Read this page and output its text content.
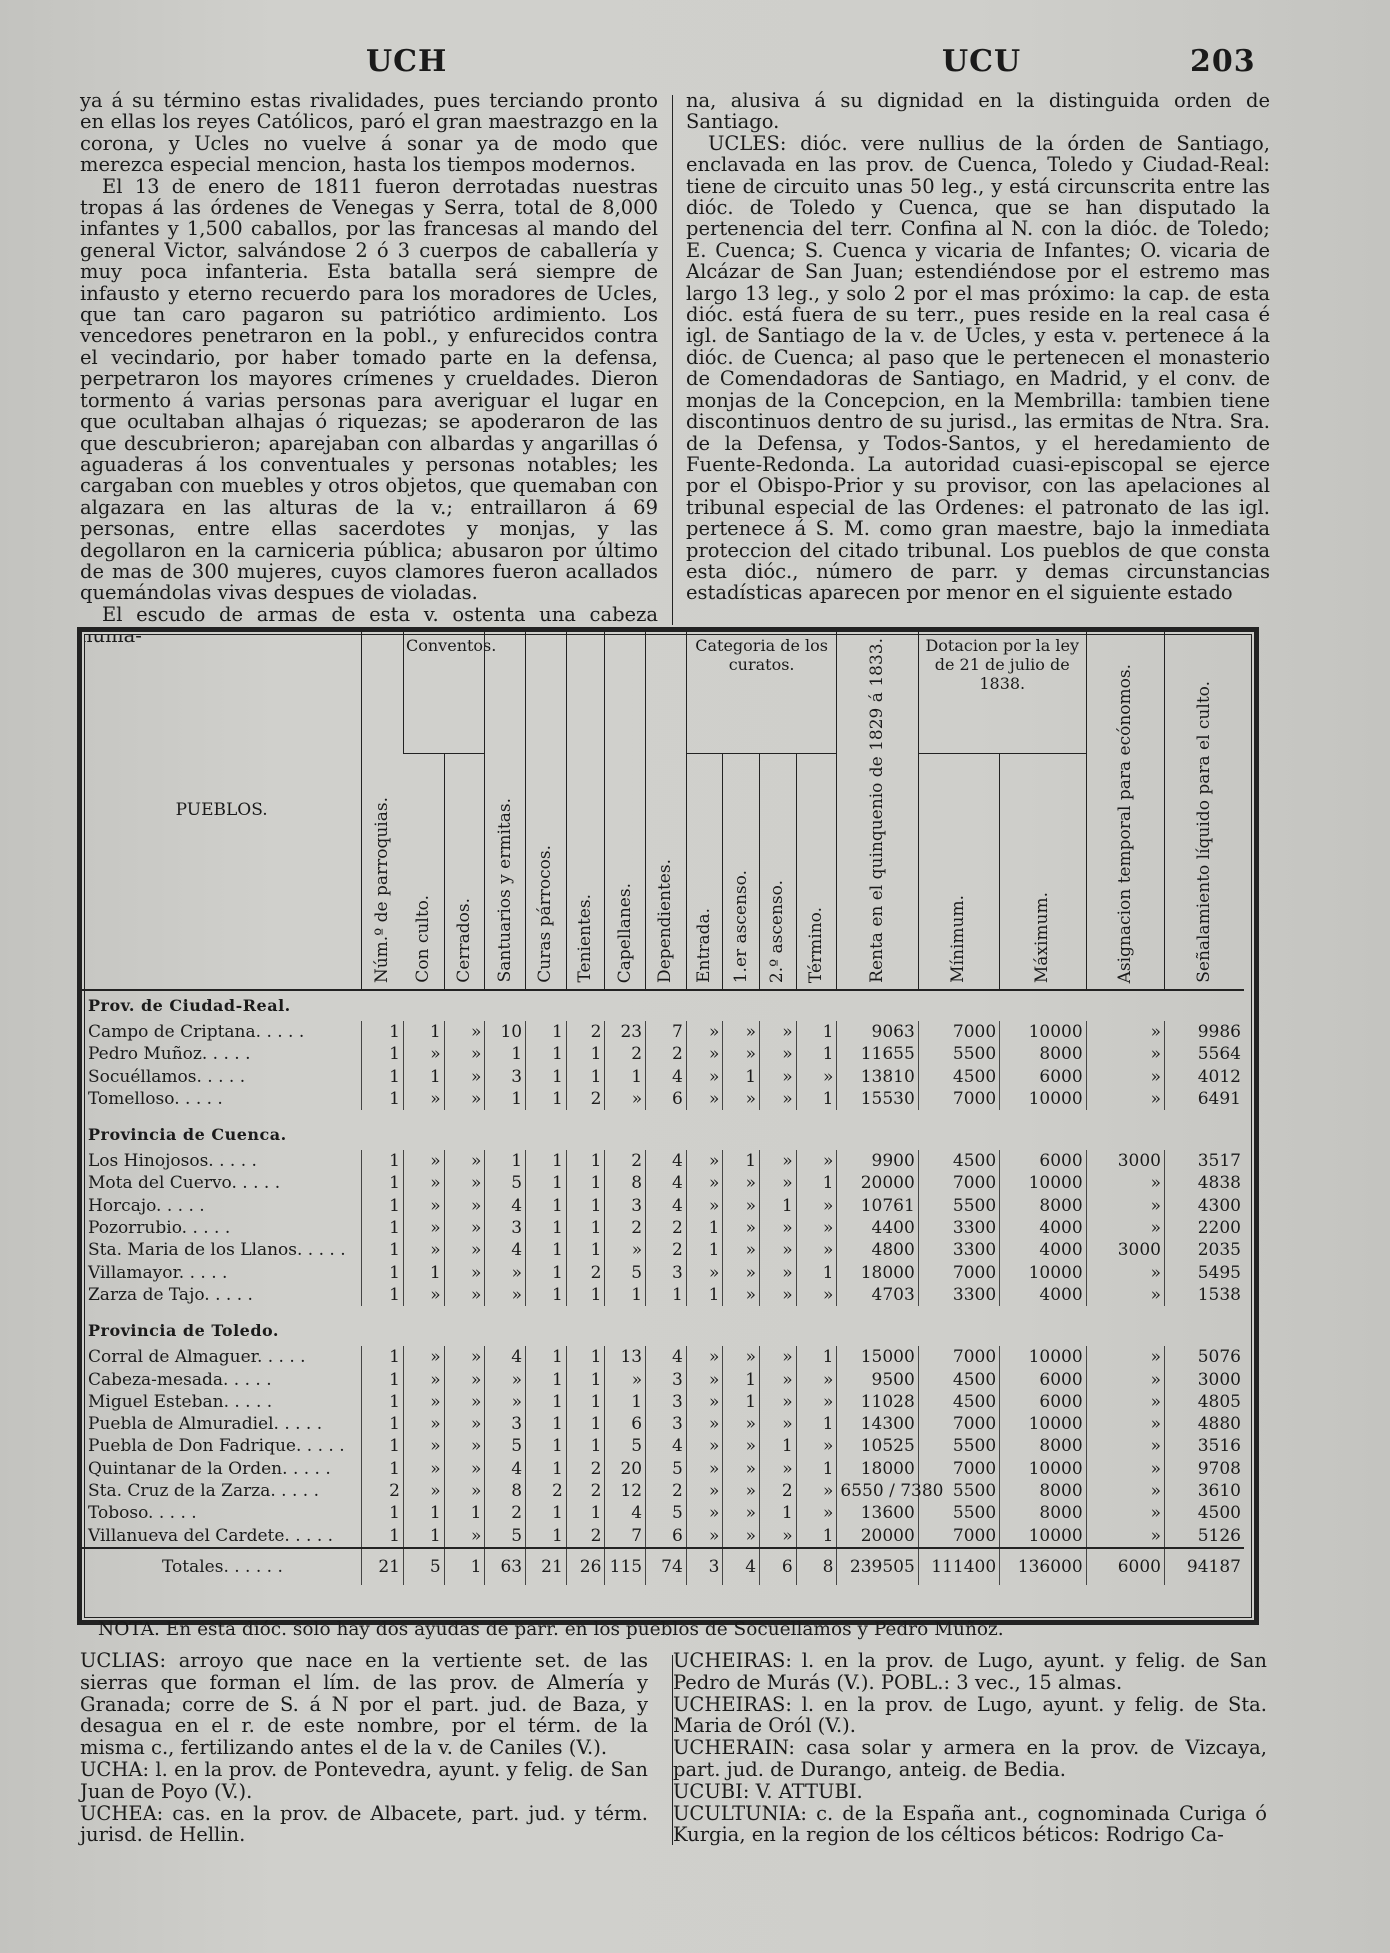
UCH	UCU	203

ya á su término estas rivalidades, pues terciando pronto en ellas los reyes Católicos, paró el gran maestrazgo en la corona, y Ucles no vuelve á sonar ya de modo que merezca especial mencion, hasta los tiempos modernos.

El 13 de enero de 1811 fueron derrotadas nuestras tropas á las órdenes de Venegas y Serra, total de 8,000 infantes y 1,500 caballos, por las francesas al mando del general Victor, salvándose 2 ó 3 cuerpos de caballería y muy poca infanteria. Esta batalla será siempre de infausto y eterno recuerdo para los moradores de Ucles, que tan caro pagaron su patriótico ardimiento. Los vencedores penetraron en la pobl., y enfurecidos contra el vecindario, por haber tomado parte en la defensa, perpetraron los mayores crímenes y crueldades. Dieron tormento á varias personas para averiguar el lugar en que ocultaban alhajas ó riquezas; se apoderaron de las que descubrieron; aparejaban con albardas y angarillas ó aguaderas á los conventuales y personas notables; les cargaban con muebles y otros objetos, que quemaban con algazara en las alturas de la v.; entraillaron á 69 personas, entre ellas sacerdotes y monjas, y las degollaron en la carniceria pública; abusaron por último de mas de 300 mujeres, cuyos clamores fueron acallados quemándolas vivas despues de violadas.

El escudo de armas de esta v. ostenta una cabeza huma-

na, alusiva á su dignidad en la distinguida orden de Santiago.

UCLES: dióc. vere nullius de la órden de Santiago, enclavada en las prov. de Cuenca, Toledo y Ciudad-Real: tiene de circuito unas 50 leg., y está circunscrita entre las dióc. de Toledo y Cuenca, que se han disputado la pertenencia del terr. Confina al N. con la dióc. de Toledo; E. Cuenca; S. Cuenca y vicaria de Infantes; O. vicaria de Alcázar de San Juan; estendiéndose por el estremo mas largo 13 leg., y solo 2 por el mas próximo: la cap. de esta dióc. está fuera de su terr., pues reside en la real casa é igl. de Santiago de la v. de Ucles, y esta v. pertenece á la dióc. de Cuenca; al paso que le pertenecen el monasterio de Comendadoras de Santiago, en Madrid, y el conv. de monjas de la Concepcion, en la Membrilla: tambien tiene discontinuos dentro de su jurisd., las ermitas de Ntra. Sra. de la Defensa, y Todos-Santos, y el heredamiento de Fuente-Redonda. La autoridad cuasi-episcopal se ejerce por el Obispo-Prior y su provisor, con las apelaciones al tribunal especial de las Ordenes: el patronato de las igl. pertenece á S. M. como gran maestre, bajo la inmediata proteccion del citado tribunal. Los pueblos de que consta esta dióc., número de parr. y demas circunstancias estadísticas aparecen por menor en el siguiente estado

PUEBLOS.	Núm.º de parroquias.	Conventos.		Santuarios y ermitas.	Curas párrocos.	Tenientes.	Capellanes.	Dependientes.	Categoria de los curatos.				Renta en el quinquenio de 1829 á 1833.	Dotacion por la ley de 21 de julio de 1838.		Asignacion temporal para ecónomos.	Señalamiento líquido para el culto.

		Con culto.	Cerrados.						Entrada.	1.er ascenso.	2.º ascenso.	Término.		Mínimum.	Máximum.		

Prov. de Ciudad-Real.																	
Campo de Criptana. . . . .	1	1	»	10	1	2	23	7	»	»	»	1	9063	7000	10000	»	9986
Pedro Muñoz. . . . .	1	»	»	1	1	1	2	2	»	»	»	1	11655	5500	8000	»	5564
Socuéllamos. . . . .	1	1	»	3	1	1	1	4	»	1	»	»	13810	4500	6000	»	4012
Tomelloso. . . . .	1	»	»	1	1	2	»	6	»	»	»	1	15530	7000	10000	»	6491

Provincia de Cuenca.																	
Los Hinojosos. . . . .	1	»	»	1	1	1	2	4	»	1	»	»	9900	4500	6000	3000	3517
Mota del Cuervo. . . . .	1	»	»	5	1	1	8	4	»	»	»	1	20000	7000	10000	»	4838
Horcajo. . . . .	1	»	»	4	1	1	3	4	»	»	1	»	10761	5500	8000	»	4300
Pozorrubio. . . . .	1	»	»	3	1	1	2	2	1	»	»	»	4400	3300	4000	»	2200
Sta. Maria de los Llanos. . . . .	1	»	»	4	1	1	»	2	1	»	»	»	4800	3300	4000	3000	2035
Villamayor. . . . .	1	1	»	»	1	2	5	3	»	»	»	1	18000	7000	10000	»	5495
Zarza de Tajo. . . . .	1	»	»	»	1	1	1	1	1	»	»	»	4703	3300	4000	»	1538

Provincia de Toledo.																	
Corral de Almaguer. . . . .	1	»	»	4	1	1	13	4	»	»	»	1	15000	7000	10000	»	5076
Cabeza-mesada. . . . .	1	»	»	»	1	1	»	3	»	1	»	»	9500	4500	6000	»	3000
Miguel Esteban. . . . .	1	»	»	»	1	1	1	3	»	1	»	»	11028	4500	6000	»	4805
Puebla de Almuradiel. . . . .	1	»	»	3	1	1	6	3	»	»	»	1	14300	7000	10000	»	4880
Puebla de Don Fadrique. . . . .	1	»	»	5	1	1	5	4	»	»	1	»	10525	5500	8000	»	3516
Quintanar de la Orden. . . . .	1	»	»	4	1	2	20	5	»	»	»	1	18000	7000	10000	»	9708
Sta. Cruz de la Zarza. . . . .	2	»	»	8	2	2	12	2	»	»	2	»	6550 / 7380	5500	8000	»	3610
Toboso. . . . .	1	1	1	2	1	1	4	5	»	»	1	»	13600	5500	8000	»	4500
Villanueva del Cardete. . . . .	1	1	»	5	1	2	7	6	»	»	»	1	20000	7000	10000	»	5126
Totales. . . . . .	21	5	1	63	21	26	115	74	3	4	6	8	239505	111400	136000	6000	94187
NOTA. En esta dióc. solo hay dos ayudas de parr. en los pueblos de Socuellamos y Pedro Muñoz.

UCLIAS: arroyo que nace en la vertiente set. de las sierras que forman el lím. de las prov. de Almería y Granada; corre de S. á N por el part. jud. de Baza, y desagua en el r. de este nombre, por el térm. de la misma c., fertilizando antes el de la v. de Caniles (V.).

UCHA: l. en la prov. de Pontevedra, ayunt. y felig. de San Juan de Poyo (V.).

UCHEA: cas. en la prov. de Albacete, part. jud. y térm. jurisd. de Hellin.

UCHEIRAS: l. en la prov. de Lugo, ayunt. y felig. de San Pedro de Murás (V.). POBL.: 3 vec., 15 almas.

UCHEIRAS: l. en la prov. de Lugo, ayunt. y felig. de Sta. Maria de Oról (V.).

UCHERAIN: casa solar y armera en la prov. de Vizcaya, part. jud. de Durango, anteig. de Bedia.

UCUBI: V. ATTUBI.

UCULTUNIA: c. de la España ant., cognominada Curiga ó Kurgia, en la region de los célticos béticos: Rodrigo Ca-
